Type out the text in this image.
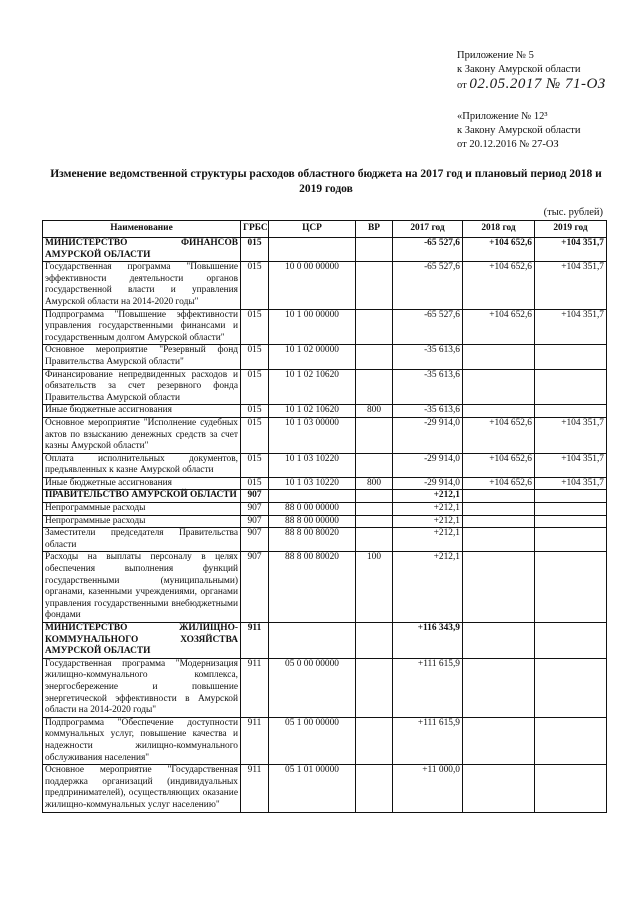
Приложение № 5
к Закону Амурской области
от 02.05.2017 № 71-ОЗ
«Приложение № 12³
к Закону Амурской области
от 20.12.2016 № 27-ОЗ
Изменение ведомственной структуры расходов областного бюджета на 2017 год и плановый период 2018 и 2019 годов
(тыс. рублей)
Наименование	ГРБС	ЦСР	ВР	2017 год	2018 год	2019 год
МИНИСТЕРСТВО ФИНАНСОВ АМУРСКОЙ ОБЛАСТИ	015			-65 527,6	+104 652,6	+104 351,7
Государственная программа "Повышение эффективности деятельности органов государственной власти и управления Амурской области на 2014-2020 годы"	015	10 0 00 00000		-65 527,6	+104 652,6	+104 351,7
Подпрограмма "Повышение эффективности управления государственными финансами и государственным долгом Амурской области"	015	10 1 00 00000		-65 527,6	+104 652,6	+104 351,7
Основное мероприятие "Резервный фонд Правительства Амурской области"	015	10 1 02 00000		-35 613,6		
Финансирование непредвиденных расходов и обязательств за счет резервного фонда Правительства Амурской области	015	10 1 02 10620		-35 613,6		
Иные бюджетные ассигнования	015	10 1 02 10620	800	-35 613,6		
Основное мероприятие "Исполнение судебных актов по взысканию денежных средств за счет казны Амурской области"	015	10 1 03 00000		-29 914,0	+104 652,6	+104 351,7
Оплата исполнительных документов, предъявленных к казне Амурской области	015	10 1 03 10220		-29 914,0	+104 652,6	+104 351,7
Иные бюджетные ассигнования	015	10 1 03 10220	800	-29 914,0	+104 652,6	+104 351,7
ПРАВИТЕЛЬСТВО АМУРСКОЙ ОБЛАСТИ	907			+212,1		
Непрограммные расходы	907	88 0 00 00000		+212,1		
Непрограммные расходы	907	88 8 00 00000		+212,1		
Заместители председателя Правительства области	907	88 8 00 80020		+212,1		
Расходы на выплаты персоналу в целях обеспечения выполнения функций государственными (муниципальными) органами, казенными учреждениями, органами управления государственными внебюджетными фондами	907	88 8 00 80020	100	+212,1		
МИНИСТЕРСТВО ЖИЛИЩНО-КОММУНАЛЬНОГО ХОЗЯЙСТВА АМУРСКОЙ ОБЛАСТИ	911			+116 343,9		
Государственная программа "Модернизация жилищно-коммунального комплекса, энергосбережение и повышение энергетической эффективности в Амурской области на 2014-2020 годы"	911	05 0 00 00000		+111 615,9		
Подпрограмма "Обеспечение доступности коммунальных услуг, повышение качества и надежности жилищно-коммунального обслуживания населения"	911	05 1 00 00000		+111 615,9		
Основное мероприятие "Государственная поддержка организаций (индивидуальных предпринимателей), осуществляющих оказание жилищно-коммунальных услуг населению"	911	05 1 01 00000		+11 000,0		
